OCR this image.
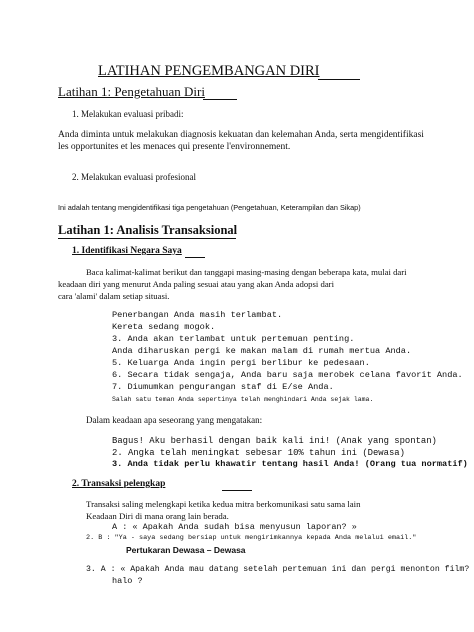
LATIHAN PENGEMBANGAN DIRI
Latihan 1: Pengetahuan Diri
1. Melakukan evaluasi pribadi:
Anda diminta untuk melakukan diagnosis kekuatan dan kelemahan Anda, serta mengidentifikasi
les opportunites et les menaces qui presente l'environnement.
2. Melakukan evaluasi profesional
Ini adalah tentang mengidentifikasi tiga pengetahuan (Pengetahuan, Keterampilan dan Sikap)
Latihan 1: Analisis Transaksional
1. Identifikasi Negara Saya
Baca kalimat-kalimat berikut dan tanggapi masing-masing dengan beberapa kata, mulai dari
keadaan diri yang menurut Anda paling sesuai atau yang akan Anda adopsi dari
cara 'alami' dalam setiap situasi.
Penerbangan Anda masih terlambat.
Kereta sedang mogok.
3. Anda akan terlambat untuk pertemuan penting.
Anda diharuskan pergi ke makan malam di rumah mertua Anda.
5. Keluarga Anda ingin pergi berlibur ke pedesaan.
6. Secara tidak sengaja, Anda baru saja merobek celana favorit Anda.
7. Diumumkan pengurangan staf di E/se Anda.
Salah satu teman Anda sepertinya telah menghindari Anda sejak lama.
Dalam keadaan apa seseorang yang mengatakan:
Bagus! Aku berhasil dengan baik kali ini! (Anak yang spontan)
2. Angka telah meningkat sebesar 10% tahun ini (Dewasa)
3. Anda tidak perlu khawatir tentang hasil Anda! (Orang tua normatif)
2. Transaksi pelengkap
Transaksi saling melengkapi ketika kedua mitra berkomunikasi satu sama lain
Keadaan Diri di mana orang lain berada.
A : « Apakah Anda sudah bisa menyusun laporan? »
2. B : "Ya - saya sedang bersiap untuk mengirimkannya kepada Anda melalui email."
Pertukaran Dewasa – Dewasa
3. A : « Apakah Anda mau datang setelah pertemuan ini dan pergi menonton film?
halo ?
